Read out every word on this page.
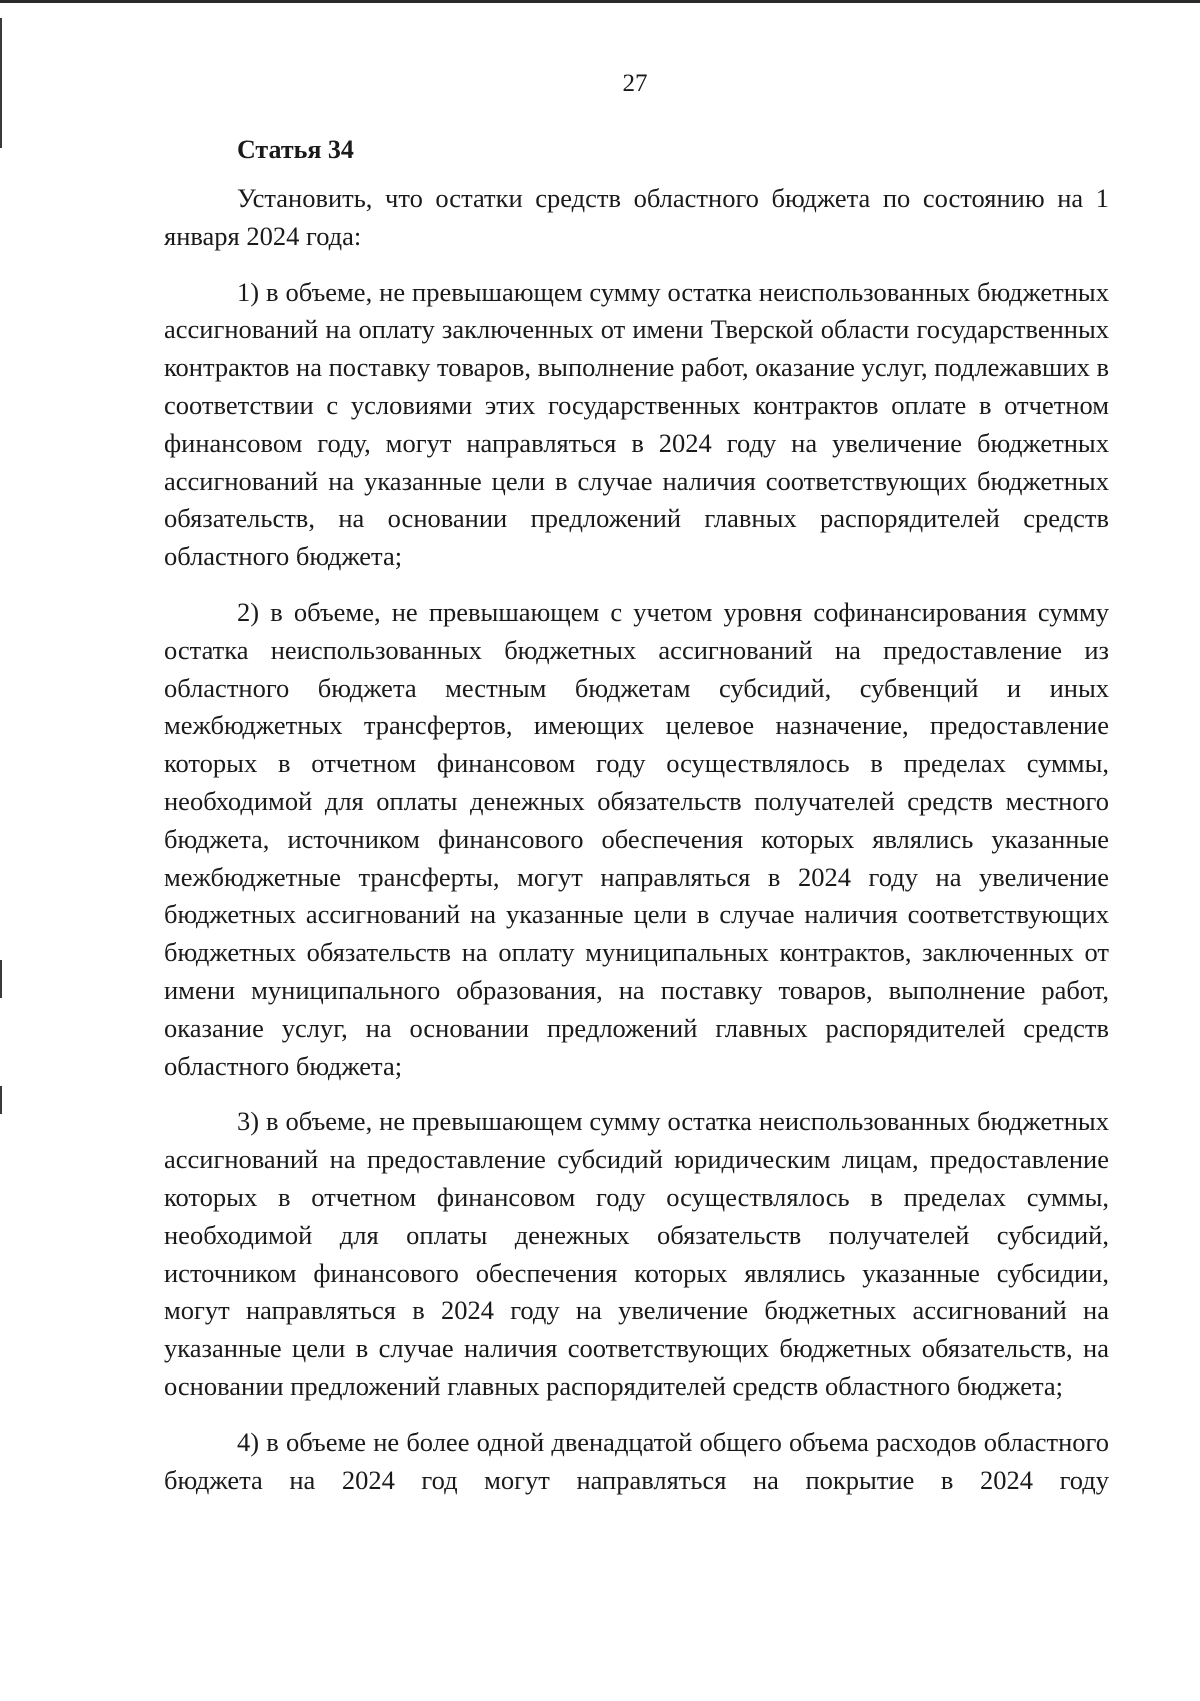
27
Статья 34

Установить, что остатки средств областного бюджета по состоянию на 1 января 2024 года:

1) в объеме, не превышающем сумму остатка неиспользованных бюджетных ассигнований на оплату заключенных от имени Тверской области государственных контрактов на поставку товаров, выполнение работ, оказание услуг, подлежавших в соответствии с условиями этих государственных контрактов оплате в отчетном финансовом году, могут направляться в 2024 году на увеличение бюджетных ассигнований на указанные цели в случае наличия соответствующих бюджетных обязательств, на основании предложений главных распорядителей средств областного бюджета;

2) в объеме, не превышающем с учетом уровня софинансирования сумму остатка неиспользованных бюджетных ассигнований на предоставление из областного бюджета местным бюджетам субсидий, субвенций и иных межбюджетных трансфертов, имеющих целевое назначение, предоставление которых в отчетном финансовом году осуществлялось в пределах суммы, необходимой для оплаты денежных обязательств получателей средств местного бюджета, источником финансового обеспечения которых являлись указанные межбюджетные трансферты, могут направляться в 2024 году на увеличение бюджетных ассигнований на указанные цели в случае наличия соответствующих бюджетных обязательств на оплату муниципальных контрактов, заключенных от имени муниципального образования, на поставку товаров, выполнение работ, оказание услуг, на основании предложений главных распорядителей средств областного бюджета;

3) в объеме, не превышающем сумму остатка неиспользованных бюджетных ассигнований на предоставление субсидий юридическим лицам, предоставление которых в отчетном финансовом году осуществлялось в пределах суммы, необходимой для оплаты денежных обязательств получателей субсидий, источником финансового обеспечения которых являлись указанные субсидии, могут направляться в 2024 году на увеличение бюджетных ассигнований на указанные цели в случае наличия соответствующих бюджетных обязательств, на основании предложений главных распорядителей средств областного бюджета;

4) в объеме не более одной двенадцатой общего объема расходов областного бюджета на 2024 год могут направляться на покрытие в 2024 году
